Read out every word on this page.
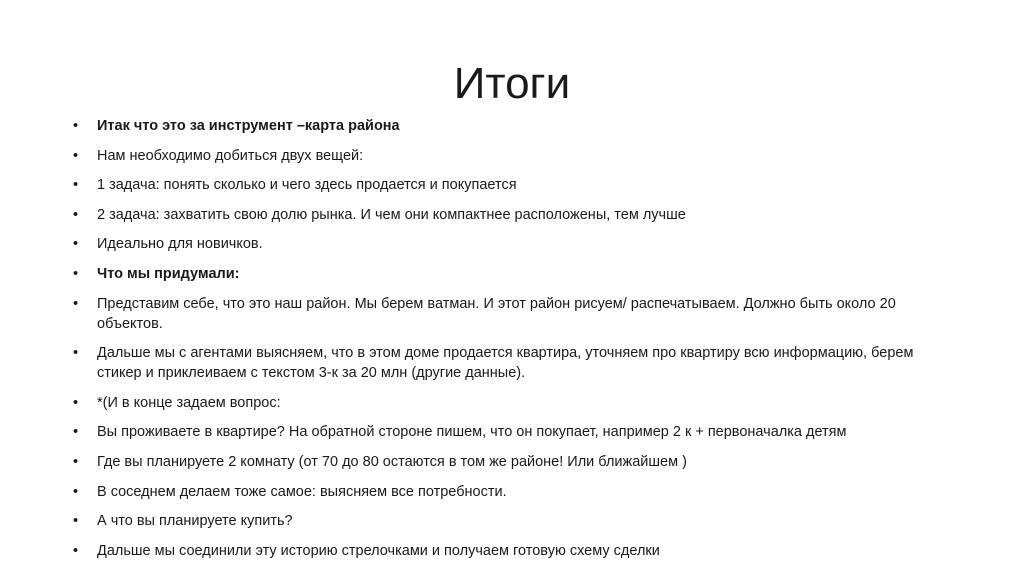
Итоги
•	Итак что это за инструмент –карта района
•	Нам необходимо добиться двух вещей:
•	1 задача: понять сколько и чего здесь продается и покупается
•	2 задача: захватить свою долю рынка. И чем они компактнее расположены, тем лучше
•	Идеально для новичков.
•	Что мы придумали:
•	Представим себе, что это наш район. Мы берем ватман. И этот район рисуем/ распечатываем. Должно быть около 20 объектов.
•	Дальше мы с агентами выясняем, что в этом доме продается квартира, уточняем про квартиру всю информацию, берем стикер и приклеиваем с текстом 3-к за 20 млн (другие данные).
•	*(И в конце задаем вопрос:
•	Вы проживаете в квартире? На обратной стороне пишем, что он покупает, например 2 к + первоначалка детям
•	Где вы планируете 2 комнату (от 70 до 80 остаются в том же районе! Или ближайшем )
•	В соседнем делаем тоже самое: выясняем все потребности.
•	А что вы планируете купить?
•	Дальше мы соединили эту историю стрелочками и получаем готовую схему сделки
